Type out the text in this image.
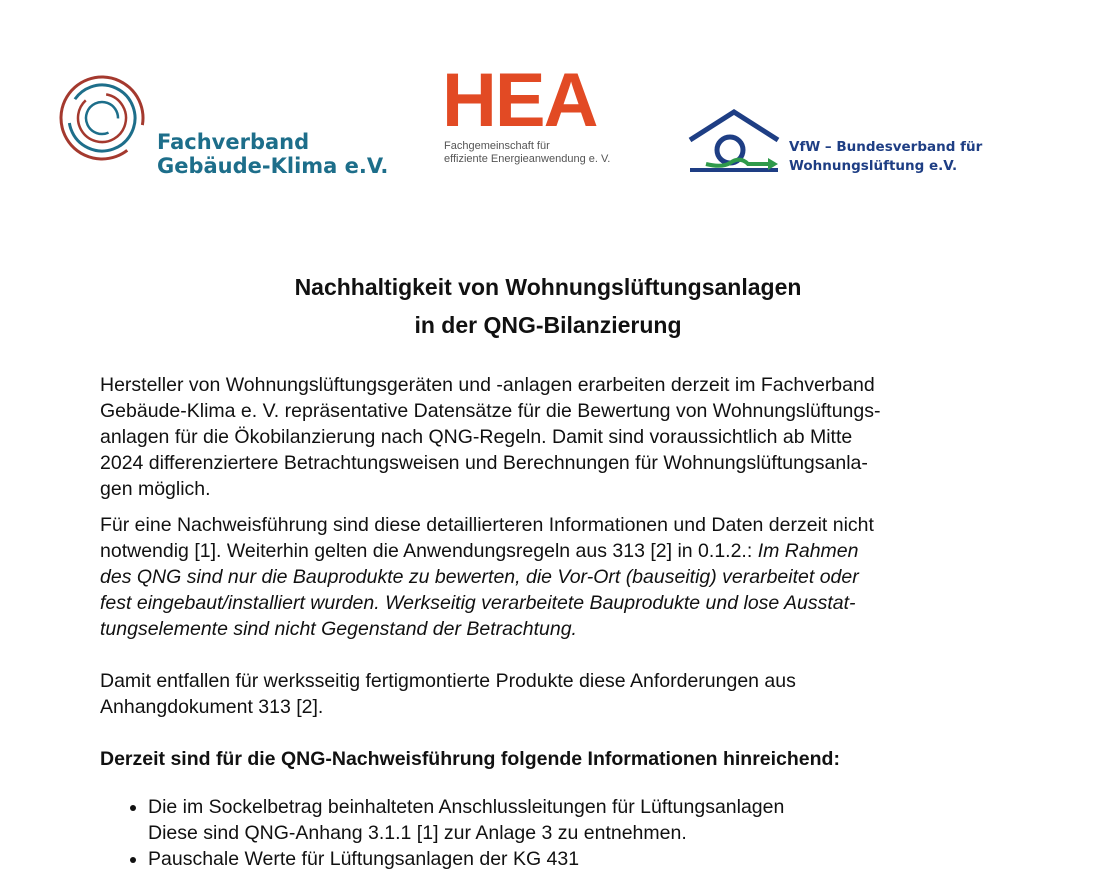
Fachverband
Gebäude-Klima e.V.
HEA
Fachgemeinschaft für
effiziente Energieanwendung e. V.
VfW – Bundesverband für
Wohnungslüftung e.V.
Nachhaltigkeit von Wohnungslüftungsanlagen
in der QNG-Bilanzierung

Hersteller von Wohnungslüftungsgeräten und -anlagen erarbeiten derzeit im Fachverband
Gebäude-Klima e. V. repräsentative Datensätze für die Bewertung von Wohnungslüftungs-
anlagen für die Ökobilanzierung nach QNG-Regeln. Damit sind voraussichtlich ab Mitte
2024 differenziertere Betrachtungsweisen und Berechnungen für Wohnungslüftungsanla-
gen möglich.

Für eine Nachweisführung sind diese detaillierteren Informationen und Daten derzeit nicht
notwendig [1]. Weiterhin gelten die Anwendungsregeln aus 313 [2] in 0.1.2.: Im Rahmen
des QNG sind nur die Bauprodukte zu bewerten, die Vor-Ort (bauseitig) verarbeitet oder
fest eingebaut/installiert wurden. Werkseitig verarbeitete Bauprodukte und lose Ausstat-
tungselemente sind nicht Gegenstand der Betrachtung.

Damit entfallen für werksseitig fertigmontierte Produkte diese Anforderungen aus
Anhangdokument 313 [2].

Derzeit sind für die QNG-Nachweisführung folgende Informationen hinreichend:

• Die im Sockelbetrag beinhalteten Anschlussleitungen für Lüftungsanlagen
Diese sind QNG-Anhang 3.1.1 [1] zur Anlage 3 zu entnehmen.
• Pauschale Werte für Lüftungsanlagen der KG 431
